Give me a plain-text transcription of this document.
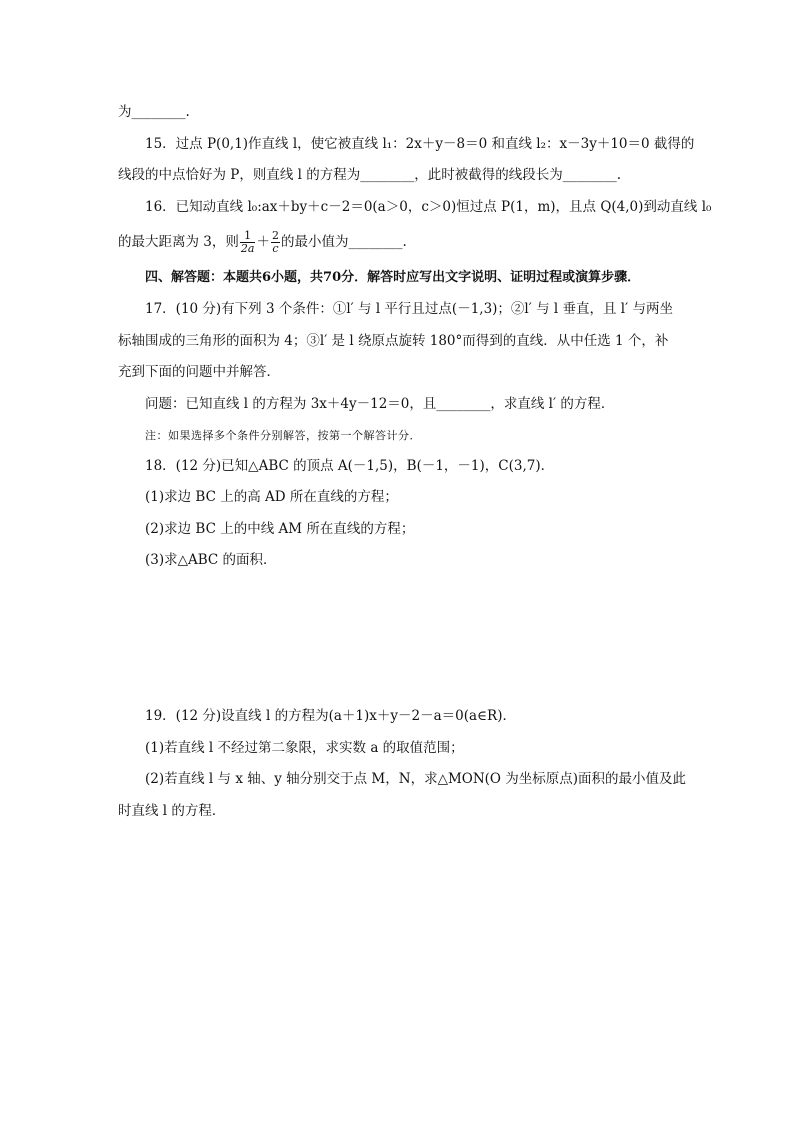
为________.
15．过点 P(0,1)作直线 l，使它被直线 l₁：2x＋y－8＝0 和直线 l₂：x－3y＋10＝0 截得的
线段的中点恰好为 P，则直线 l 的方程为________，此时被截得的线段长为________.
16．已知动直线 l₀:ax＋by＋c－2＝0(a＞0，c＞0)恒过点 P(1，m)，且点 Q(4,0)到动直线 l₀
的最大距离为 3，则 $\frac{1}{2a} + \frac{2}{c}$ 的最小值为________.
四、解答题：本题共6小题，共70分．解答时应写出文字说明、证明过程或演算步骤．
17．(10 分)有下列 3 个条件：①l′ 与 l 平行且过点(－1,3)；②l′ 与 l 垂直，且 l′ 与两坐
标轴围成的三角形的面积为 4；③l′ 是 l 绕原点旋转 180°而得到的直线．从中任选 1 个，补
充到下面的问题中并解答．
问题：已知直线 l 的方程为 3x＋4y－12＝0，且________，求直线 l′ 的方程．
注：如果选择多个条件分别解答，按第一个解答计分．
18．(12 分)已知△ABC 的顶点 A(－1,5)，B(－1，－1)，C(3,7)．
(1)求边 BC 上的高 AD 所在直线的方程；
(2)求边 BC 上的中线 AM 所在直线的方程；
(3)求△ABC 的面积．
19．(12 分)设直线 l 的方程为(a＋1)x＋y－2－a＝0(a∈R)．
(1)若直线 l 不经过第二象限，求实数 a 的取值范围；
(2)若直线 l 与 x 轴、y 轴分别交于点 M，N，求△MON(O 为坐标原点)面积的最小值及此
时直线 l 的方程．
